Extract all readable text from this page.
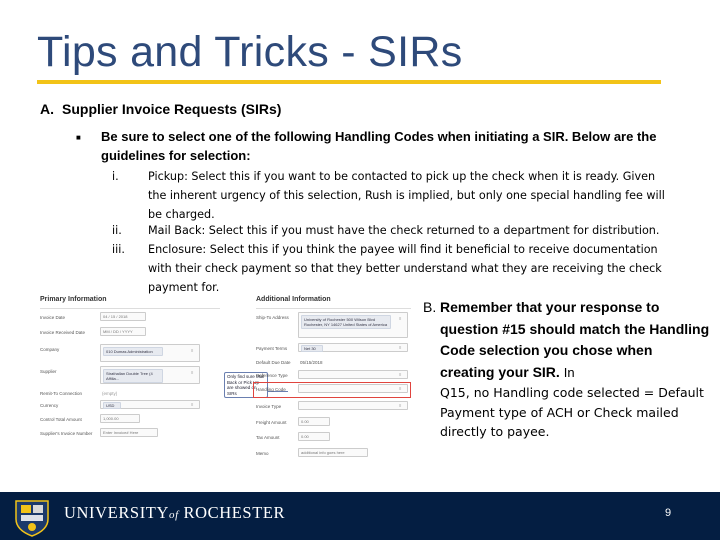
Tips and Tricks - SIRs
A. Supplier Invoice Requests (SIRs)
■	Be sure to select one of the following Handling Codes when initiating a SIR. Below are the guidelines for selection:
i.	Pickup: Select this if you want to be contacted to pick up the check when it is ready. Given the inherent urgency of this selection, Rush is implied, but only one special handling fee will be charged.
ii.	Mail Back: Select this if you must have the check returned to a department for distribution.
iii.	Enclosure: Select this if you think the payee will find it beneficial to receive documentation with their check payment so that they better understand what they are receiving the check payment for.
Primary Information	Additional Information
Invoice Date	04 / 15 / 2018
Invoice Received Date	MM / DD / YYYY
Company	010 Dumas Administration	≡
Supplier	Strathallan Double Tree (4 Affilia...
≡
Remit-To Connection	(empty)
Currency	USD	≡
Control Total Amount	1,000.00
Supplier's Invoice Number	Enter Invoice# Here
Only find sure Mail Back or Pick Up are showed on SIRs
Ship-To Address	University of Rochester 500 Wilson Blvd Rochester, NY 14627 United States of America
≡
Payment Terms	Net 30	≡
Default Due Date 05/15/2018
Reference Type	≡
Handling Code	≡
Invoice Type	≡
Freight Amount	0.00
Tax Amount	0.00
Memo	additional info goes here
B. Remember that your response to question #15 should match the Handling Code selection you chose when creating your SIR. In
Q15, no Handling code selected = Default Payment type of ACH or Check mailed directly to payee.
UNIVERSITYof ROCHESTER	9
